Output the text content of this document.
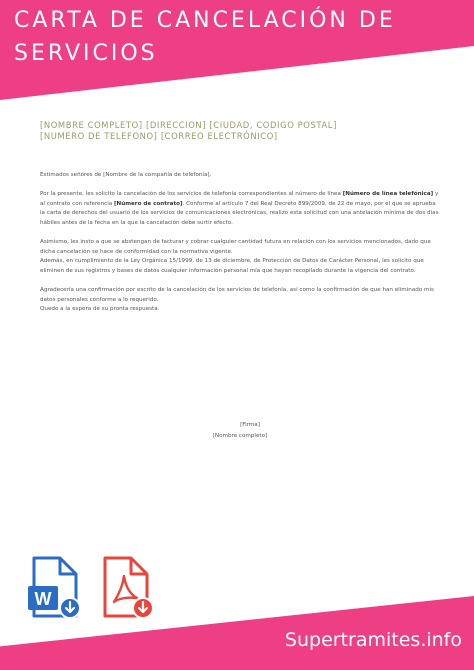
CARTA DE CANCELACIÓN DE
SERVICIOS
[NOMBRE COMPLETO] [DIRECCION] [CIUDAD, CODIGO POSTAL]
[NUMERO DE TELEFONO] [CORREO ELECTRÓNICO]

Estimados señores de [Nombre de la compañía de telefonía],

Por la presente, les solicito la cancelación de los servicios de telefonía correspondientes al número de línea [Número de línea telefónica] y al contrato con referencia [Número de contrato]. Conforme al artículo 7 del Real Decreto 899/2009, de 22 de mayo, por el que se aprueba la carta de derechos del usuario de los servicios de comunicaciones electrónicas, realizo esta solicitud con una antelación mínima de dos días hábiles antes de la fecha en la que la cancelación debe surtir efecto.

Asimismo, les insto a que se abstengan de facturar y cobrar cualquier cantidad futura en relación con los servicios mencionados, dado que dicha cancelación se hace de conformidad con la normativa vigente.

Además, en cumplimiento de la Ley Orgánica 15/1999, de 13 de diciembre, de Protección de Datos de Carácter Personal, les solicito que eliminen de sus registros y bases de datos cualquier información personal mía que hayan recopilado durante la vigencia del contrato.

Agradecería una confirmación por escrito de la cancelación de los servicios de telefonía, así como la confirmación de que han eliminado mis datos personales conforme a lo requerido.

Quedo a la espera de su pronta respuesta.

[Firma]
[Nombre completo]
W
Supertramites.info
